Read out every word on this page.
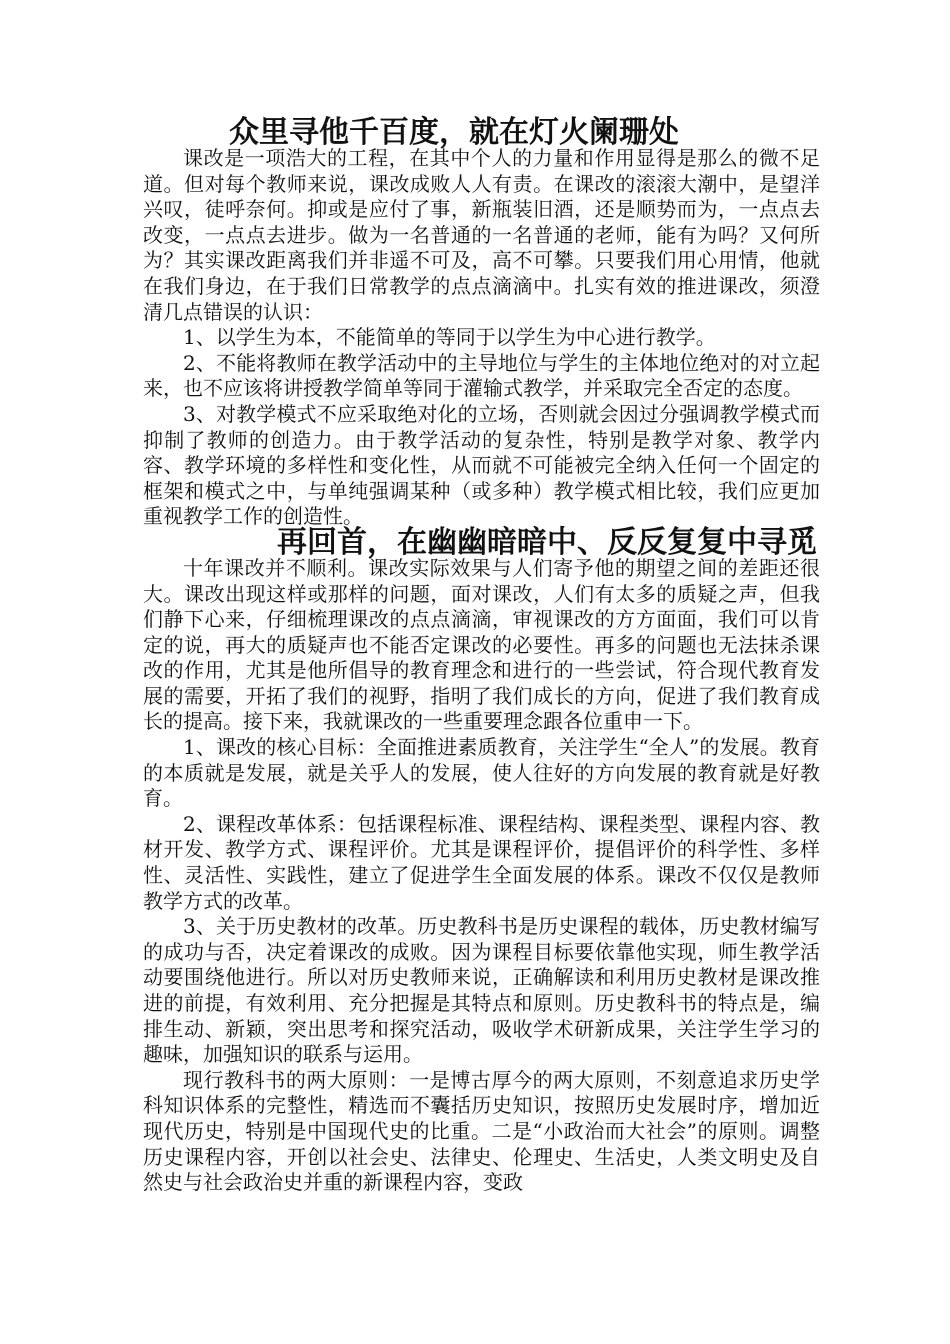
众里寻他千百度，就在灯火阑珊处

课改是一项浩大的工程，在其中个人的力量和作用显得是那么的微不足道。但对每个教师来说，课改成败人人有责。在课改的滚滚大潮中，是望洋兴叹，徒呼奈何。抑或是应付了事，新瓶装旧酒，还是顺势而为，一点点去改变，一点点去进步。做为一名普通的一名普通的老师，能有为吗？又何所为？其实课改距离我们并非遥不可及，高不可攀。只要我们用心用情，他就在我们身边，在于我们日常教学的点点滴滴中。扎实有效的推进课改，须澄清几点错误的认识：

1、以学生为本，不能简单的等同于以学生为中心进行教学。

2、不能将教师在教学活动中的主导地位与学生的主体地位绝对的对立起来，也不应该将讲授教学简单等同于灌输式教学，并采取完全否定的态度。

3、对教学模式不应采取绝对化的立场，否则就会因过分强调教学模式而抑制了教师的创造力。由于教学活动的复杂性，特别是教学对象、教学内容、教学环境的多样性和变化性，从而就不可能被完全纳入任何一个固定的框架和模式之中，与单纯强调某种（或多种）教学模式相比较，我们应更加重视教学工作的创造性。

再回首，在幽幽暗暗中、反反复复中寻觅

十年课改并不顺利。课改实际效果与人们寄予他的期望之间的差距还很大。课改出现这样或那样的问题，面对课改，人们有太多的质疑之声，但我们静下心来，仔细梳理课改的点点滴滴，审视课改的方方面面，我们可以肯定的说，再大的质疑声也不能否定课改的必要性。再多的问题也无法抹杀课改的作用，尤其是他所倡导的教育理念和进行的一些尝试，符合现代教育发展的需要，开拓了我们的视野，指明了我们成长的方向，促进了我们教育成长的提高。接下来，我就课改的一些重要理念跟各位重申一下。

1、课改的核心目标：全面推进素质教育，关注学生“全人”的发展。教育的本质就是发展，就是关乎人的发展，使人往好的方向发展的教育就是好教育。

2、课程改革体系：包括课程标准、课程结构、课程类型、课程内容、教材开发、教学方式、课程评价。尤其是课程评价，提倡评价的科学性、多样性、灵活性、实践性，建立了促进学生全面发展的体系。课改不仅仅是教师教学方式的改革。

3、关于历史教材的改革。历史教科书是历史课程的载体，历史教材编写的成功与否，决定着课改的成败。因为课程目标要依靠他实现，师生教学活动要围绕他进行。所以对历史教师来说，正确解读和利用历史教材是课改推进的前提，有效利用、充分把握是其特点和原则。历史教科书的特点是，编排生动、新颖，突出思考和探究活动，吸收学术研新成果，关注学生学习的趣味，加强知识的联系与运用。

现行教科书的两大原则：一是博古厚今的两大原则，不刻意追求历史学科知识体系的完整性，精选而不囊括历史知识，按照历史发展时序，增加近现代历史，特别是中国现代史的比重。二是“小政治而大社会”的原则。调整历史课程内容，开创以社会史、法律史、伦理史、生活史，人类文明史及自然史与社会政治史并重的新课程内容，变政
